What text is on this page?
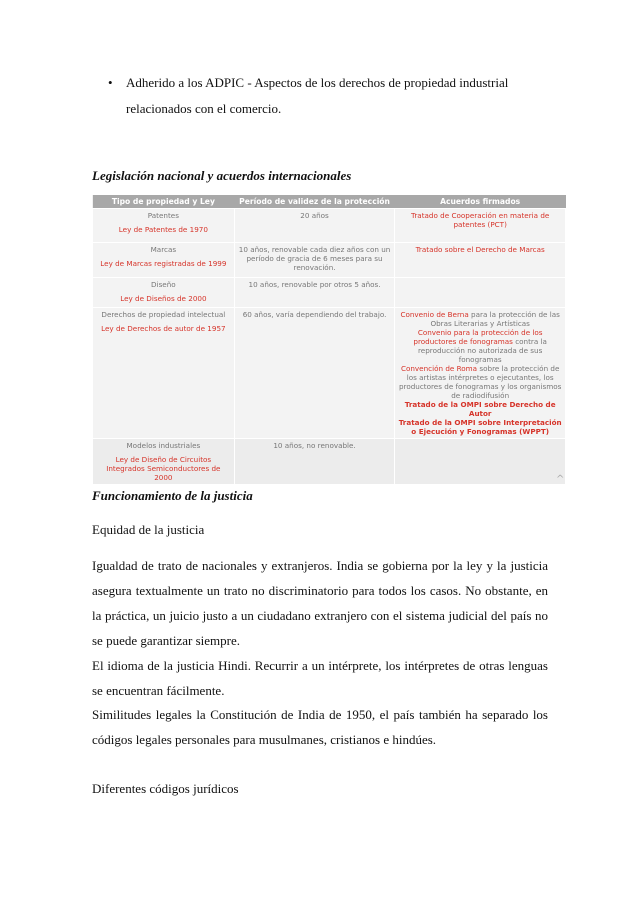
• Adherido a los ADPIC - Aspectos de los derechos de propiedad industrial
relacionados con el comercio.
Legislación nacional y acuerdos internacionales
Tipo de propiedad y Ley	Período de validez de la protección	Acuerdos firmados

Patentes
Ley de Patentes de 1970	20 años	Tratado de Cooperación en materia de patentes (PCT)

Marcas
Ley de Marcas registradas de 1999	10 años, renovable cada diez años con un período de gracia de 6 meses para su renovación.	Tratado sobre el Derecho de Marcas

Diseño
Ley de Diseños de 2000	10 años, renovable por otros 5 años.	

Derechos de propiedad intelectual
Ley de Derechos de autor de 1957	60 años, varía dependiendo del trabajo.	Convenio de Berna para la protección de las Obras Literarias y Artísticas
Convenio para la protección de los productores de fonogramas contra la reproducción no autorizada de sus fonogramas
Convención de Roma sobre la protección de los artistas intérpretes o ejecutantes, los productores de fonogramas y los organismos de radiodifusión
Tratado de la OMPI sobre Derecho de Autor
Tratado de la OMPI sobre Interpretación o Ejecución y Fonogramas (WPPT)

Modelos industriales
Ley de Diseño de Circuitos Integrados Semiconductores de 2000	10 años, no renovable.	

^
Funcionamiento de la justicia
Equidad de la justicia
Igualdad de trato de nacionales y extranjeros. India se gobierna por la ley y la justicia asegura textualmente un trato no discriminatorio para todos los casos. No obstante, en la práctica, un juicio justo a un ciudadano extranjero con el sistema judicial del país no se puede garantizar siempre.
El idioma de la justicia Hindi. Recurrir a un intérprete, los intérpretes de otras lenguas se encuentran fácilmente.
Similitudes legales la Constitución de India de 1950, el país también ha separado los códigos legales personales para musulmanes, cristianos e hindúes.
Diferentes códigos jurídicos
